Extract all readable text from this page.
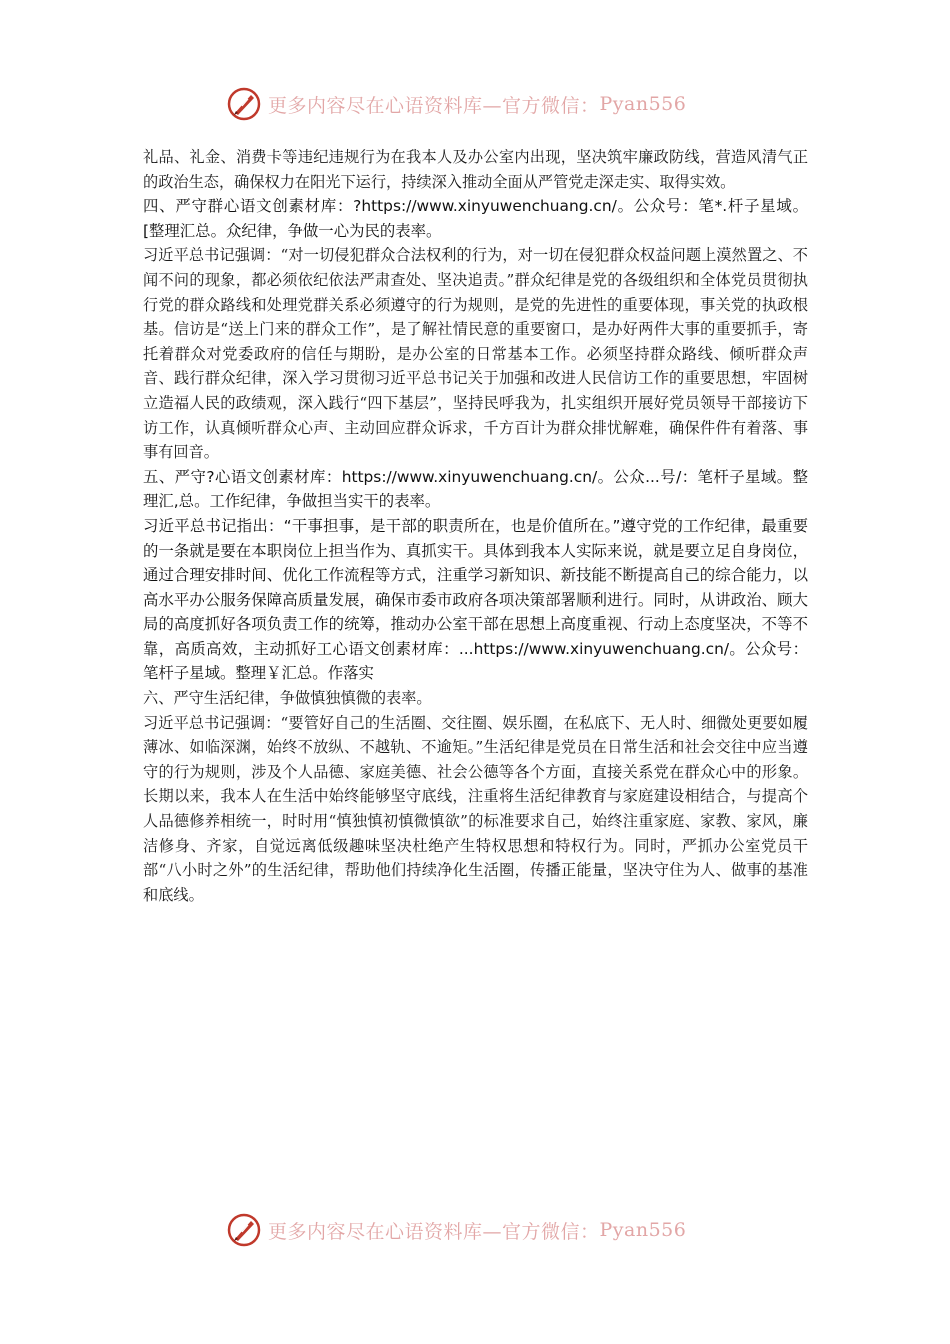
更多内容尽在心语资料库—官方微信： Pyan556

礼品、礼金、消费卡等违纪违规行为在我本人及办公室内出现，坚决筑牢廉政防线，营造风清气正的政治生态，确保权力在阳光下运行，持续深入推动全面从严管党走深走实、取得实效。

四、严守群心语文创素材库：?https://www.xinyuwenchuang.cn/。公众号：笔*.杆子星域。[整理汇总。众纪律，争做一心为民的表率。

习近平总书记强调：“对一切侵犯群众合法权利的行为，对一切在侵犯群众权益问题上漠然置之、不闻不问的现象，都必须依纪依法严肃查处、坚决追责。”群众纪律是党的各级组织和全体党员贯彻执行党的群众路线和处理党群关系必须遵守的行为规则，是党的先进性的重要体现，事关党的执政根基。信访是“送上门来的群众工作”，是了解社情民意的重要窗口，是办好两件大事的重要抓手，寄托着群众对党委政府的信任与期盼，是办公室的日常基本工作。必须坚持群众路线、倾听群众声音、践行群众纪律，深入学习贯彻习近平总书记关于加强和改进人民信访工作的重要思想，牢固树立造福人民的政绩观，深入践行“四下基层”，坚持民呼我为，扎实组织开展好党员领导干部接访下访工作，认真倾听群众心声、主动回应群众诉求，千方百计为群众排忧解难，确保件件有着落、事事有回音。

五、严守?心语文创素材库：https://www.xinyuwenchuang.cn/。公众...号/：笔杆子星域。整理汇,总。工作纪律，争做担当实干的表率。

习近平总书记指出：“干事担事，是干部的职责所在，也是价值所在。”遵守党的工作纪律，最重要的一条就是要在本职岗位上担当作为、真抓实干。具体到我本人实际来说，就是要立足自身岗位，通过合理安排时间、优化工作流程等方式，注重学习新知识、新技能不断提高自己的综合能力，以高水平办公服务保障高质量发展，确保市委市政府各项决策部署顺利进行。同时，从讲政治、顾大局的高度抓好各项负责工作的统筹，推动办公室干部在思想上高度重视、行动上态度坚决，不等不靠，高质高效，主动抓好工心语文创素材库：...https://www.xinyuwenchuang.cn/。公众号：笔杆子星域。整理￥汇总。作落实

六、严守生活纪律，争做慎独慎微的表率。

习近平总书记强调：“要管好自己的生活圈、交往圈、娱乐圈，在私底下、无人时、细微处更要如履薄冰、如临深渊，始终不放纵、不越轨、不逾矩。”生活纪律是党员在日常生活和社会交往中应当遵守的行为规则，涉及个人品德、家庭美德、社会公德等各个方面，直接关系党在群众心中的形象。长期以来，我本人在生活中始终能够坚守底线，注重将生活纪律教育与家庭建设相结合，与提高个人品德修养相统一，时时用“慎独慎初慎微慎欲”的标准要求自己，始终注重家庭、家教、家风，廉洁修身、齐家，自觉远离低级趣味坚决杜绝产生特权思想和特权行为。同时，严抓办公室党员干部“八小时之外”的生活纪律，帮助他们持续净化生活圈，传播正能量，坚决守住为人、做事的基准和底线。

更多内容尽在心语资料库—官方微信： Pyan556
